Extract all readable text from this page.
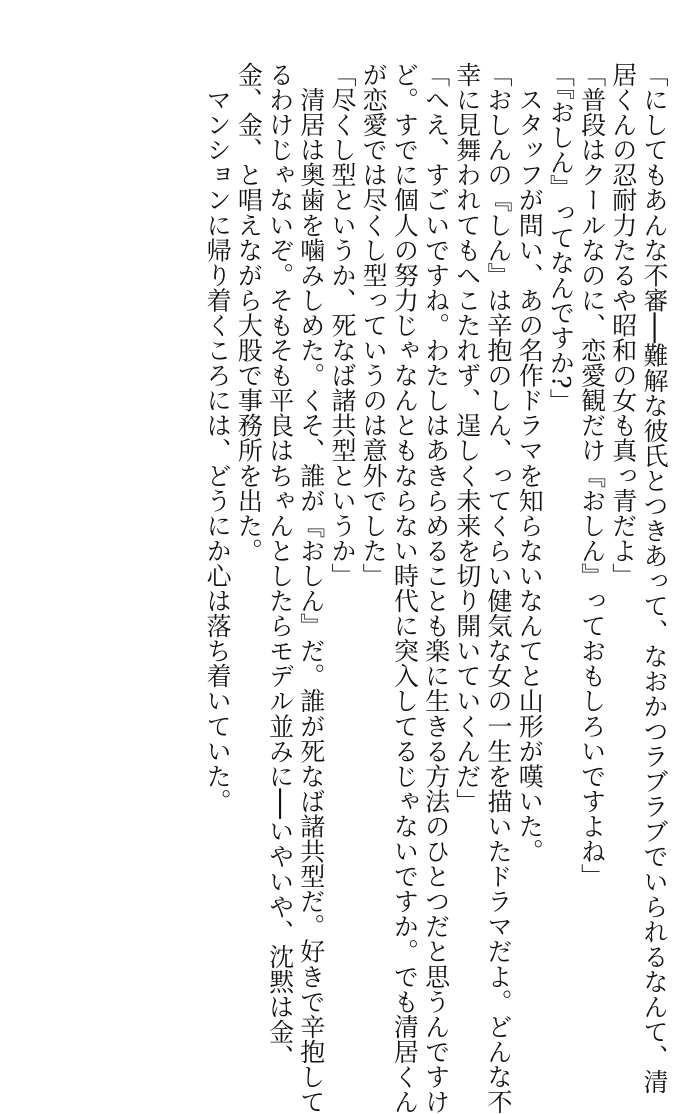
「にしてもあんな不審──難解な彼氏とつきあって、なおかつラブラブでいられるなんて、清
居くんの忍耐力たるや昭和の女も真っ青だよ」
「普段はクールなのに、恋愛観だけ『おしん』っておもしろいですよね」
「『おしん』ってなんですか?」
　スタッフが問い、あの名作ドラマを知らないなんてと山形が嘆いた。
「おしんの『しん』は辛抱のしん、ってくらい健気な女の一生を描いたドラマだよ。どんな不
幸に見舞われてもへこたれず、逞しく未来を切り開いていくんだ」
「へえ、すごいですね。わたしはあきらめることも楽に生きる方法のひとつだと思うんですけ
ど。すでに個人の努力じゃなんともならない時代に突入してるじゃないですか。でも清居くん
が恋愛では尽くし型っていうのは意外でした」
「尽くし型というか、死なば諸共型というか」
　清居は奥歯を噛みしめた。くそ、誰が『おしん』だ。誰が死なば諸共型だ。好きで辛抱して
るわけじゃないぞ。そもそも平良はちゃんとしたらモデル並みに──いやいや、沈黙は金、
金、金、と唱えながら大股で事務所を出た。
　マンションに帰り着くころには、どうにか心は落ち着いていた。
